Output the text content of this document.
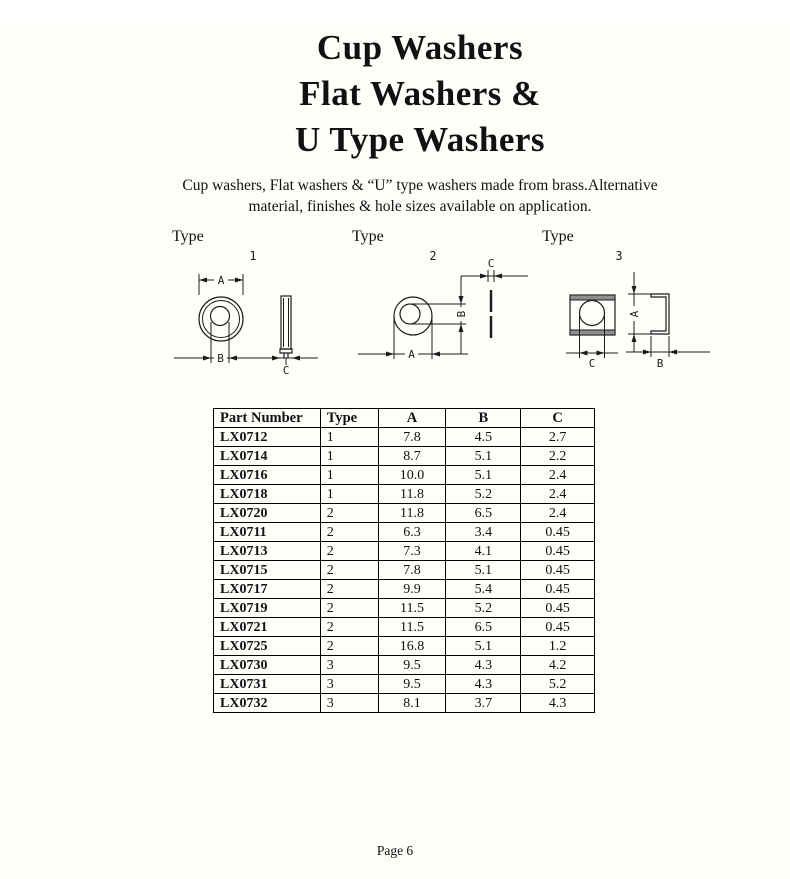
Cup Washers
Flat Washers &
U Type Washers
Cup washers, Flat washers & “U” type washers made from brass.Alternative
material, finishes & hole sizes available on application.
Type
1
A
B
C
Type
2
A
B
C
Type
3
C
A
B
Part Number	Type	A	B	C
LX0712	1	7.8	4.5	2.7
LX0714	1	8.7	5.1	2.2
LX0716	1	10.0	5.1	2.4
LX0718	1	11.8	5.2	2.4
LX0720	2	11.8	6.5	2.4
LX0711	2	6.3	3.4	0.45
LX0713	2	7.3	4.1	0.45
LX0715	2	7.8	5.1	0.45
LX0717	2	9.9	5.4	0.45
LX0719	2	11.5	5.2	0.45
LX0721	2	11.5	6.5	0.45
LX0725	2	16.8	5.1	1.2
LX0730	3	9.5	4.3	4.2
LX0731	3	9.5	4.3	5.2
LX0732	3	8.1	3.7	4.3
Page 6
